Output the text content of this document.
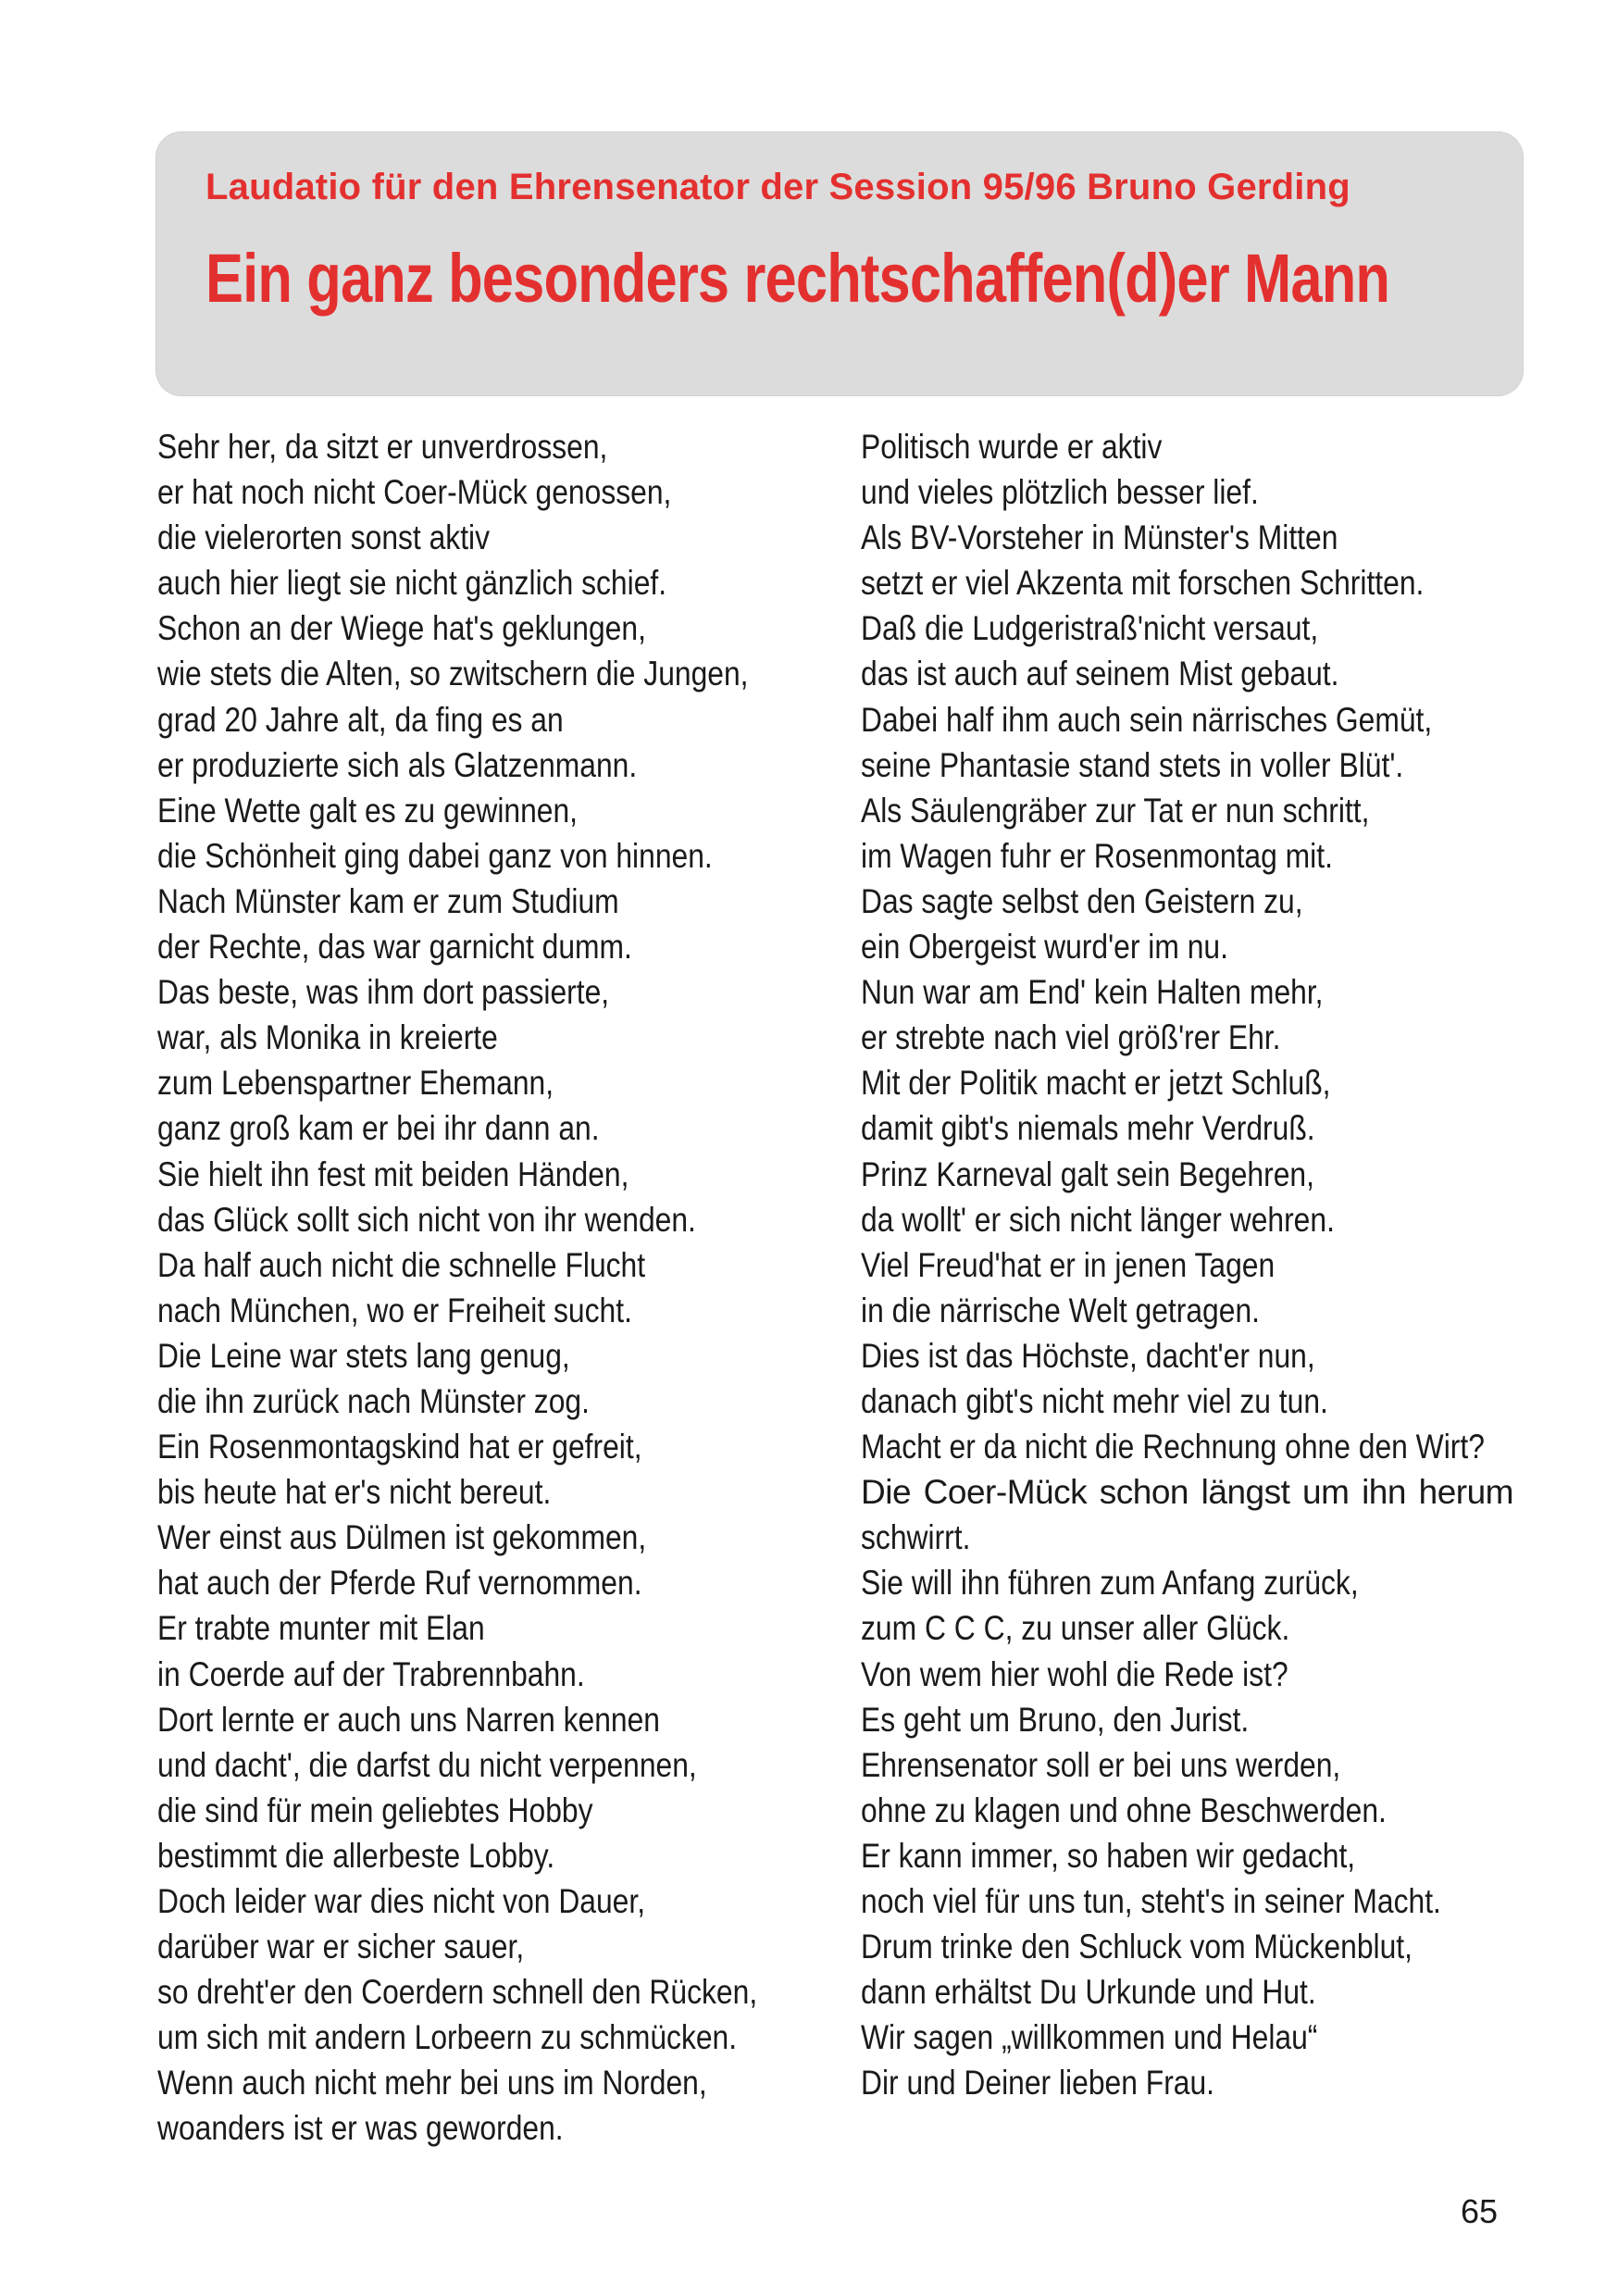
Laudatio für den Ehrensenator der Session 95/96 Bruno Gerding
Ein ganz besonders rechtschaffen(d)er Mann
Sehr her, da sitzt er unverdrossen,
er hat noch nicht Coer-Mück genossen,
die vielerorten sonst aktiv
auch hier liegt sie nicht gänzlich schief.
Schon an der Wiege hat's geklungen,
wie stets die Alten, so zwitschern die Jungen,
grad 20 Jahre alt, da fing es an
er produzierte sich als Glatzenmann.
Eine Wette galt es zu gewinnen,
die Schönheit ging dabei ganz von hinnen.
Nach Münster kam er zum Studium
der Rechte, das war garnicht dumm.
Das beste, was ihm dort passierte,
war, als Monika in kreierte
zum Lebenspartner Ehemann,
ganz groß kam er bei ihr dann an.
Sie hielt ihn fest mit beiden Händen,
das Glück sollt sich nicht von ihr wenden.
Da half auch nicht die schnelle Flucht
nach München, wo er Freiheit sucht.
Die Leine war stets lang genug,
die ihn zurück nach Münster zog.
Ein Rosenmontagskind hat er gefreit,
bis heute hat er's nicht bereut.
Wer einst aus Dülmen ist gekommen,
hat auch der Pferde Ruf vernommen.
Er trabte munter mit Elan
in Coerde auf der Trabrennbahn.
Dort lernte er auch uns Narren kennen
und dacht', die darfst du nicht verpennen,
die sind für mein geliebtes Hobby
bestimmt die allerbeste Lobby.
Doch leider war dies nicht von Dauer,
darüber war er sicher sauer,
so dreht'er den Coerdern schnell den Rücken,
um sich mit andern Lorbeern zu schmücken.
Wenn auch nicht mehr bei uns im Norden,
woanders ist er was geworden.
Politisch wurde er aktiv
und vieles plötzlich besser lief.
Als BV-Vorsteher in Münster's Mitten
setzt er viel Akzenta mit forschen Schritten.
Daß die Ludgeristraß'nicht versaut,
das ist auch auf seinem Mist gebaut.
Dabei half ihm auch sein närrisches Gemüt,
seine Phantasie stand stets in voller Blüt'.
Als Säulengräber zur Tat er nun schritt,
im Wagen fuhr er Rosenmontag mit.
Das sagte selbst den Geistern zu,
ein Obergeist wurd'er im nu.
Nun war am End' kein Halten mehr,
er strebte nach viel größ'rer Ehr.
Mit der Politik macht er jetzt Schluß,
damit gibt's niemals mehr Verdruß.
Prinz Karneval galt sein Begehren,
da wollt' er sich nicht länger wehren.
Viel Freud'hat er in jenen Tagen
in die närrische Welt getragen.
Dies ist das Höchste, dacht'er nun,
danach gibt's nicht mehr viel zu tun.
Macht er da nicht die Rechnung ohne den Wirt?
Die Coer-Mück schon längst um ihn herum
schwirrt.
Sie will ihn führen zum Anfang zurück,
zum C C C, zu unser aller Glück.
Von wem hier wohl die Rede ist?
Es geht um Bruno, den Jurist.
Ehrensenator soll er bei uns werden,
ohne zu klagen und ohne Beschwerden.
Er kann immer, so haben wir gedacht,
noch viel für uns tun, steht's in seiner Macht.
Drum trinke den Schluck vom Mückenblut,
dann erhältst Du Urkunde und Hut.
Wir sagen „willkommen und Helau“
Dir und Deiner lieben Frau.
65
